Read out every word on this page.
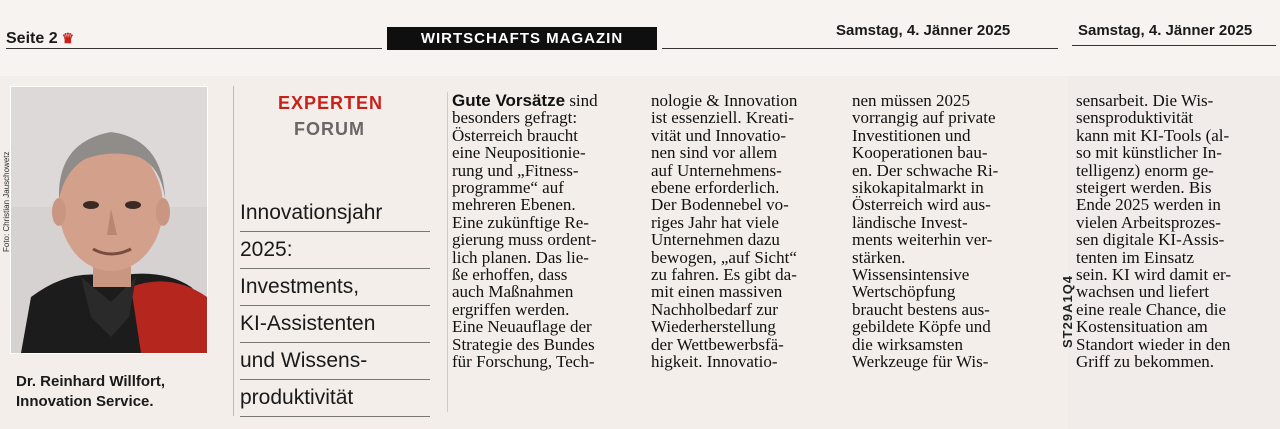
Seite 2 ♛	WIRTSCHAFTS MAGAZIN	Samstag, 4. Jänner 2025	Samstag, 4. Jänner 2025
Foto: Christian Jauschowetz
Dr. Reinhard Willfort,
Innovation Service.
EXPERTEN
FORUM
Innovationsjahr
2025:
Investments,
KI-Assistenten
und Wissens-
produktivität
Gute Vorsätze sind
besonders gefragt:
Österreich braucht
eine Neupositionie-
rung und „Fitness-
programme“ auf
mehreren Ebenen.
Eine zukünftige Re-
gierung muss ordent-
lich planen. Das lie-
ße erhoffen, dass
auch Maßnahmen
ergriffen werden.
Eine Neuauflage der
Strategie des Bundes
für Forschung, Tech-
nologie & Innovation
ist essenziell. Kreati-
vität und Innovatio-
nen sind vor allem
auf Unternehmens-
ebene erforderlich.
Der Bodennebel vo-
riges Jahr hat viele
Unternehmen dazu
bewogen, „auf Sicht“
zu fahren. Es gibt da-
mit einen massiven
Nachholbedarf zur
Wiederherstellung
der Wettbewerbsfä-
higkeit. Innovatio-
nen müssen 2025
vorrangig auf private
Investitionen und
Kooperationen bau-
en. Der schwache Ri-
sikokapitalmarkt in
Österreich wird aus-
ländische Invest-
ments weiterhin ver-
stärken.
Wissensintensive
Wertschöpfung
braucht bestens aus-
gebildete Köpfe und
die wirksamsten
Werkzeuge für Wis-
sensarbeit. Die Wis-
sensproduktivität
kann mit KI-Tools (al-
so mit künstlicher In-
telligenz) enorm ge-
steigert werden. Bis
Ende 2025 werden in
vielen Arbeitsprozes-
sen digitale KI-Assis-
tenten im Einsatz
sein. KI wird damit er-
wachsen und liefert
eine reale Chance, die
Kostensituation am
Standort wieder in den
Griff zu bekommen.
ST29A1Q4
